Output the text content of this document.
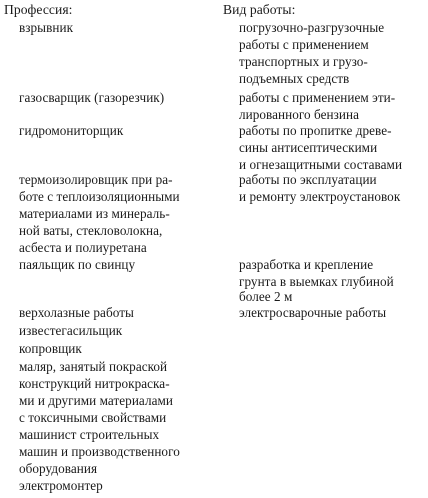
Профессия:	Вид работы:
взрывник
газосварщик (газорезчик)
гидромониторщик
термоизолировщик при ра-
боте с теплоизоляционными
материалами из минераль-
ной ваты, стекловолокна,
асбеста и полиуретана
паяльщик по свинцу
верхолазные работы
известегасильщик
копровщик
маляр, занятый покраской
конструкций нитрокраска-
ми и другими материалами
с токсичными свойствами
машинист строительных
машин и производственного
оборудования
электромонтер
погрузочно-разгрузочные
работы с применением
транспортных и грузо-
подъемных средств
работы с применением эти-
лированного бензина
работы по пропитке древе-
сины антисептическими
и огнезащитными составами
работы по эксплуатации
и ремонту электроустановок
разработка и крепление
грунта в выемках глубиной
более 2 м
электросварочные работы
